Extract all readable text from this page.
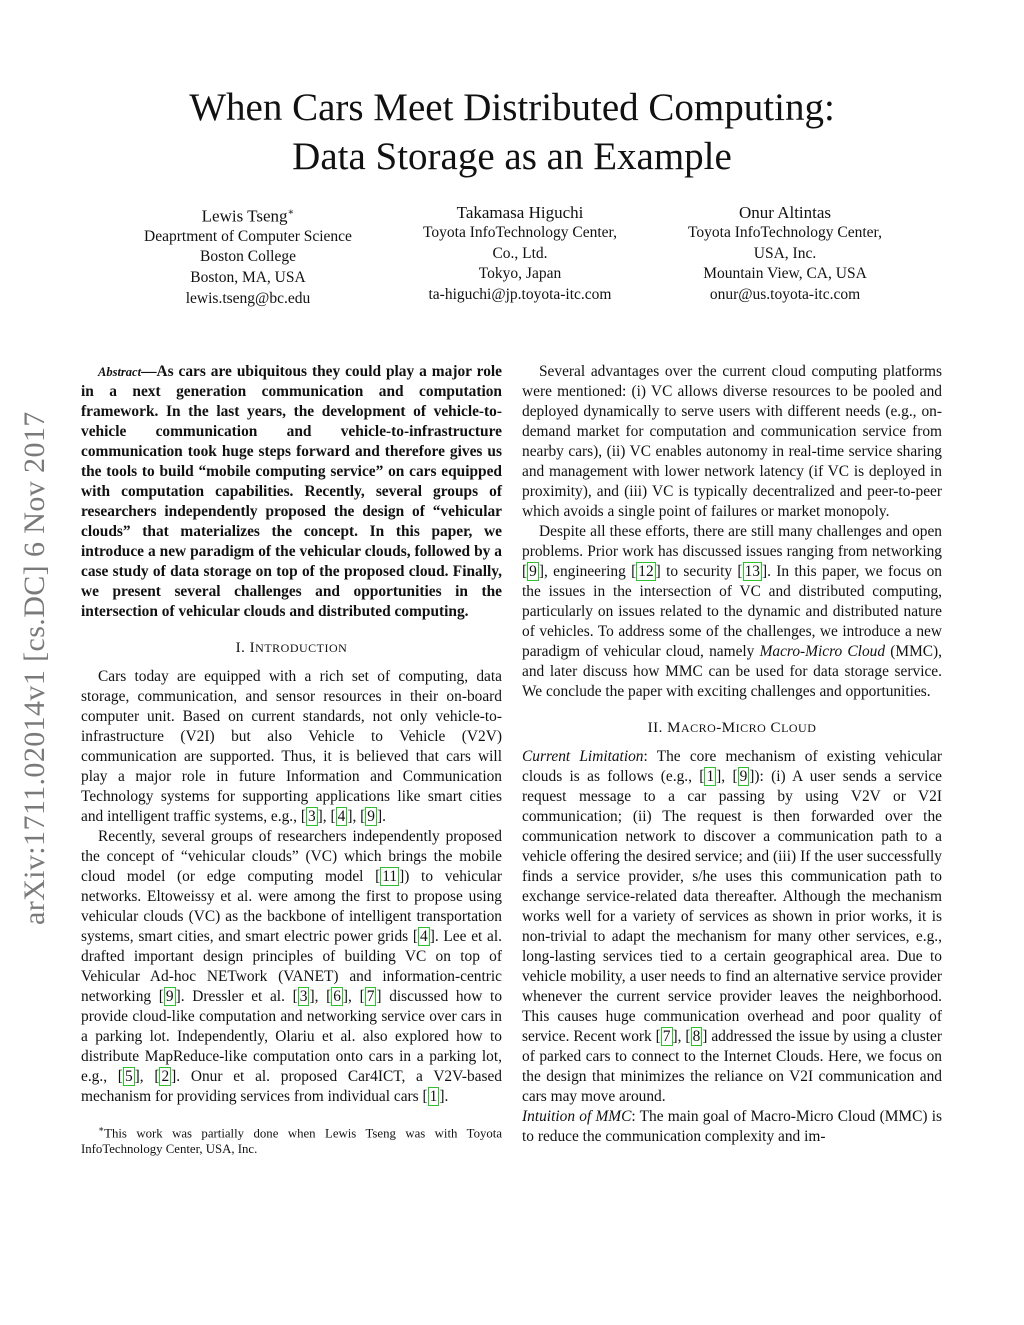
When Cars Meet Distributed Computing:
Data Storage as an Example
Lewis Tseng∗
Deaprtment of Computer Science
Boston College
Boston, MA, USA
lewis.tseng@bc.edu
Takamasa Higuchi
Toyota InfoTechnology Center,
Co., Ltd.
Tokyo, Japan
ta-higuchi@jp.toyota-itc.com
Onur Altintas
Toyota InfoTechnology Center,
USA, Inc.
Mountain View, CA, USA
onur@us.toyota-itc.com
arXiv:1711.02014v1 [cs.DC] 6 Nov 2017

Abstract—As cars are ubiquitous they could play a major role in a next generation communication and computation framework. In the last years, the development of vehicle-to-vehicle communication and vehicle-to-infrastructure communication took huge steps forward and therefore gives us the tools to build “mobile computing service” on cars equipped with computation capabilities. Recently, several groups of researchers independently proposed the design of “vehicular clouds” that materializes the concept. In this paper, we introduce a new paradigm of the vehicular clouds, followed by a case study of data storage on top of the proposed cloud. Finally, we present several challenges and opportunities in the intersection of vehicular clouds and distributed computing.

I. INTRODUCTION

Cars today are equipped with a rich set of computing, data storage, communication, and sensor resources in their on-board computer unit. Based on current standards, not only vehicle-to-infrastructure (V2I) but also Vehicle to Vehicle (V2V) communication are supported. Thus, it is believed that cars will play a major role in future Information and Communication Technology systems for supporting applications like smart cities and intelligent traffic systems, e.g., [ 3 ], [ 4 ], [ 9 ].

Recently, several groups of researchers independently proposed the concept of “vehicular clouds” (VC) which brings the mobile cloud model (or edge computing model [ 11 ]) to vehicular networks. Eltoweissy et al. were among the first to propose using vehicular clouds (VC) as the backbone of intelligent transportation systems, smart cities, and smart electric power grids [ 4 ]. Lee et al. drafted important design principles of building VC on top of Vehicular Ad-hoc NETwork (VANET) and information-centric networking [ 9 ]. Dressler et al. [ 3 ], [ 6 ], [ 7 ] discussed how to provide cloud-like computation and networking service over cars in a parking lot. Independently, Olariu et al. also explored how to distribute MapReduce-like computation onto cars in a parking lot, e.g., [ 5 ], [ 2 ]. Onur et al. proposed Car4ICT, a V2V-based mechanism for providing services from individual cars [ 1 ].

∗This work was partially done when Lewis Tseng was with Toyota InfoTechnology Center, USA, Inc.

Several advantages over the current cloud computing platforms were mentioned: (i) VC allows diverse resources to be pooled and deployed dynamically to serve users with different needs (e.g., on-demand market for computation and communication service from nearby cars), (ii) VC enables autonomy in real-time service sharing and management with lower network latency (if VC is deployed in proximity), and (iii) VC is typically decentralized and peer-to-peer which avoids a single point of failures or market monopoly.

Despite all these efforts, there are still many challenges and open problems. Prior work has discussed issues ranging from networking [ 9 ], engineering [ 12 ] to security [ 13 ]. In this paper, we focus on the issues in the intersection of VC and distributed computing, particularly on issues related to the dynamic and distributed nature of vehicles. To address some of the challenges, we introduce a new paradigm of vehicular cloud, namely Macro-Micro Cloud (MMC), and later discuss how MMC can be used for data storage service. We conclude the paper with exciting challenges and opportunities.

II. MACRO-MICRO CLOUD

Current Limitation: The core mechanism of existing vehicular clouds is as follows (e.g., [ 1 ], [ 9 ]): (i) A user sends a service request message to a car passing by using V2V or V2I communication; (ii) The request is then forwarded over the communication network to discover a communication path to a vehicle offering the desired service; and (iii) If the user successfully finds a service provider, s/he uses this communication path to exchange service-related data thereafter. Although the mechanism works well for a variety of services as shown in prior works, it is non-trivial to adapt the mechanism for many other services, e.g., long-lasting services tied to a certain geographical area. Due to vehicle mobility, a user needs to find an alternative service provider whenever the current service provider leaves the neighborhood. This causes huge communication overhead and poor quality of service. Recent work [ 7 ], [ 8 ] addressed the issue by using a cluster of parked cars to connect to the Internet Clouds. Here, we focus on the design that minimizes the reliance on V2I communication and cars may move around.

Intuition of MMC: The main goal of Macro-Micro Cloud (MMC) is to reduce the communication complexity and im-
